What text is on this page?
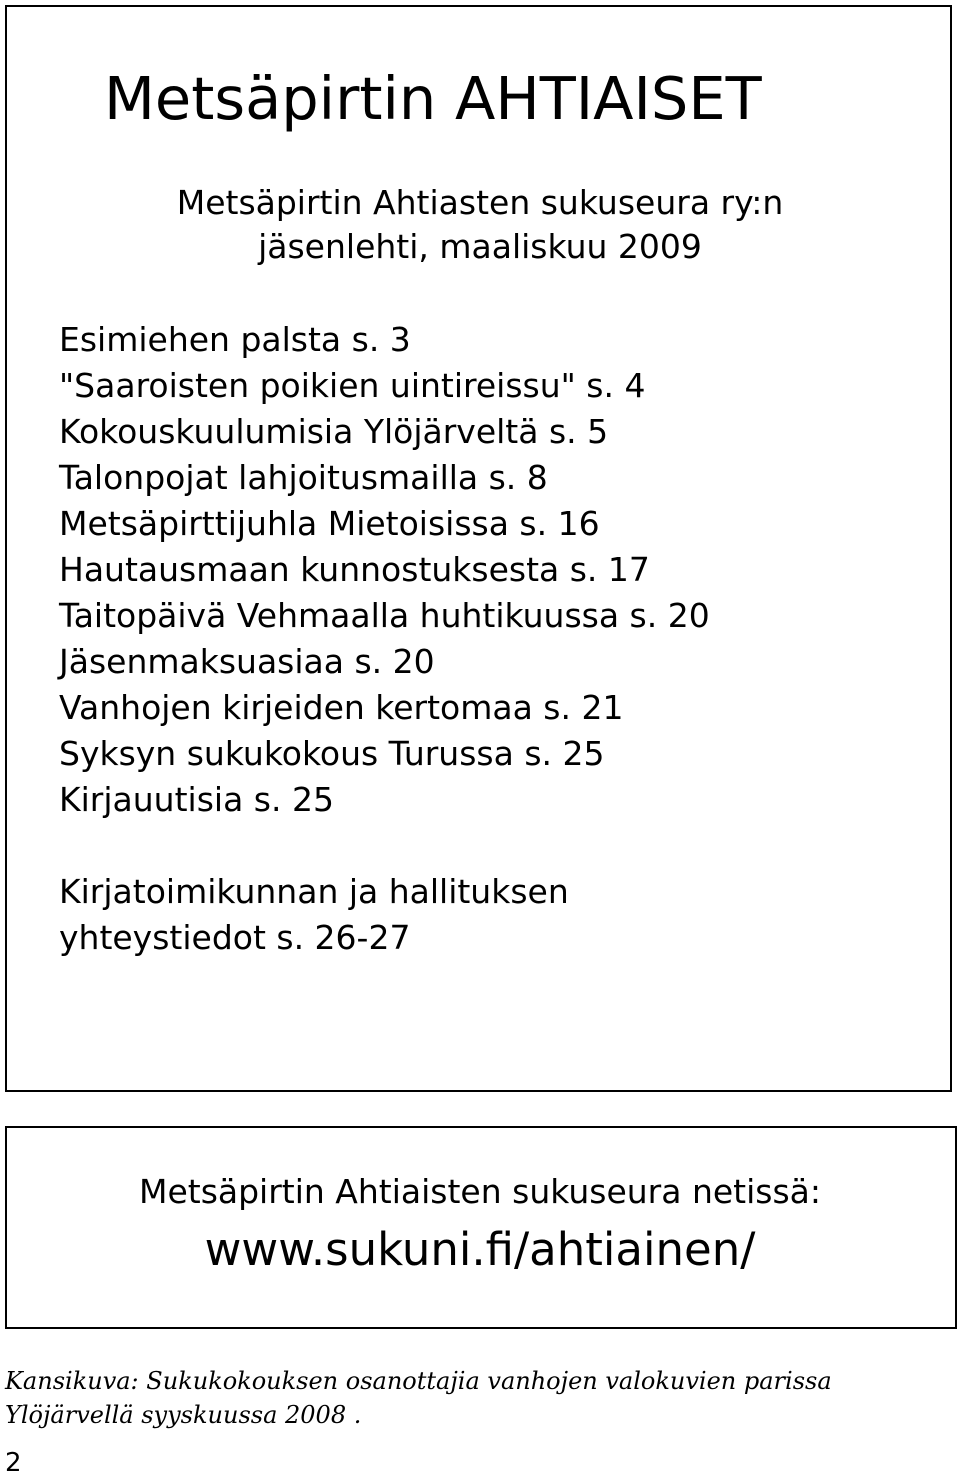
Metsäpirtin AHTIAISET
Metsäpirtin Ahtiasten sukuseura ry:n
jäsenlehti, maaliskuu 2009
Esimiehen palsta s. 3
"Saaroisten poikien uintireissu" s. 4
Kokouskuulumisia Ylöjärveltä s. 5
Talonpojat lahjoitusmailla s. 8
Metsäpirttijuhla Mietoisissa s. 16
Hautausmaan kunnostuksesta s. 17
Taitopäivä Vehmaalla huhtikuussa s. 20
Jäsenmaksuasiaa s. 20
Vanhojen kirjeiden kertomaa s. 21
Syksyn sukukokous Turussa s. 25
Kirjauutisia s. 25
Kirjatoimikunnan ja hallituksen
yhteystiedot s. 26-27
Metsäpirtin Ahtiaisten sukuseura netissä:
www.sukuni.fi/ahtiainen/
Kansikuva: Sukukokouksen osanottajia vanhojen valokuvien parissa
Ylöjärvellä syyskuussa 2008 .
2
